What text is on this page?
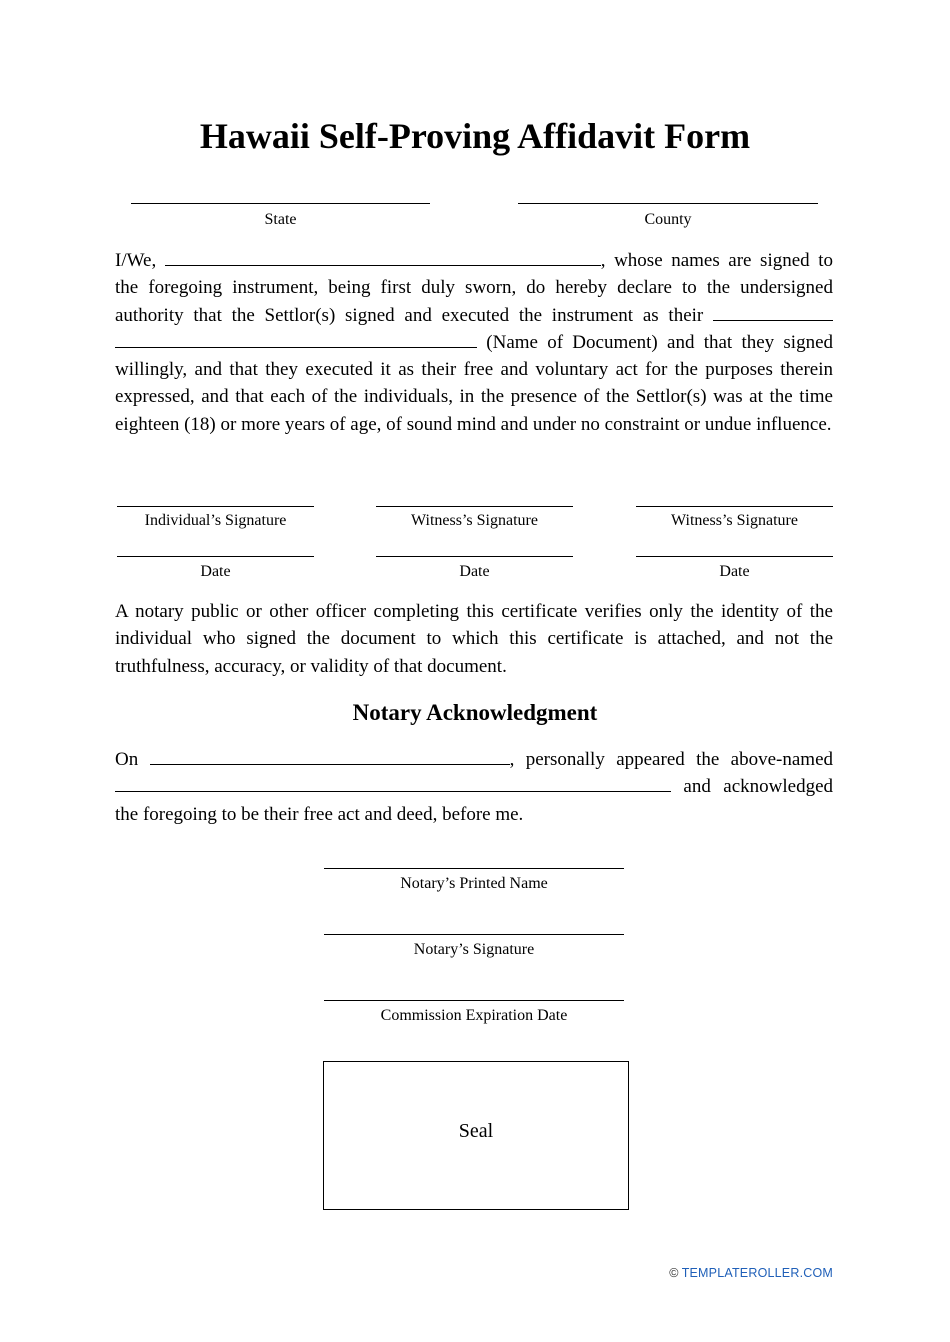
Hawaii Self-Proving Affidavit Form
State	County

I/We,	, whose names are signed to the foregoing instrument, being first duly sworn, do hereby declare to the undersigned authority that the Settlor(s) signed and executed the instrument as their   (Name of Document) and that they signed willingly, and that they executed it as their free and voluntary act for the purposes therein expressed, and that each of the individuals, in the presence of the Settlor(s) was at the time eighteen (18) or more years of age, of sound mind and under no constraint or undue influence.

Individual’s Signature	Witness’s Signature	Witness’s Signature
Date	Date	Date

A notary public or other officer completing this certificate verifies only the identity of the individual who signed the document to which this certificate is attached, and not the truthfulness, accuracy, or validity of that document.

Notary Acknowledgment

On	, personally appeared the above-named  and acknowledged the foregoing to be their free act and deed, before me.

Notary’s Printed Name
Notary’s Signature
Commission Expiration Date
Seal
© TEMPLATEROLLER.COM
